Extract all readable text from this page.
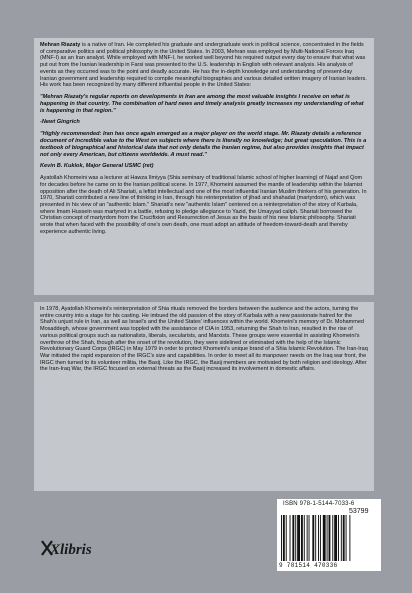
Mehran Riazaty is a native of Iran. He completed his graduate and undergraduate work in political science, concentrated in the fields of comparative politics and political philosophy in the United States. In 2003, Mehran was employed by Multi-National Forces Iraq (MNF-I) as an Iran analyst. While employed with MNF-I, he worked well beyond his required output every day to ensure that what was put out from the Iranian leadership in Farsi was presented to the U.S. leadership in English with relevant analysis. His analysis of events as they occurred was to the point and deadly accurate. He has the in-depth knowledge and understanding of present-day Iranian government and leadership required to compile meaningful biographies and various detailed written imagery of Iranian leaders. His work has been recognized by many different influential people in the United States:

"Mehran Riazaty's regular reports on developments in Iran are among the most valuable insights I receive on what is happening in that country. The combination of hard news and timely analysis greatly increases my understanding of what is happening in that region."

-Newt Gingrich

"Highly recommended: Iran has once again emerged as a major player on the world stage. Mr. Riazaty details a reference document of incredible value to the West on subjects where there is literally no knowledge; but great speculation. This is a textbook of biographical and historical data that not only details the Iranian regime, but also provides insights that impact not only every American, but citizens worldwide. A must read."

Kevin B. Kuklok, Major General USMC (ret)

Ayatollah Khomeini was a lecturer at Hawza Ilmiyya (Shia seminary of traditional Islamic school of higher learning) of Najaf and Qom for decades before he came on to the Iranian political scene. In 1977, Khomeini assumed the mantle of leadership within the Islamist opposition after the death of Ali Shariati, a leftist intellectual and one of the most influential Iranian Muslim thinkers of his generation. In 1970, Shariati contributed a new line of thinking in Iran, through his reinterpretation of jihad and shahadat (martyrdom), which was presented in his view of an "authentic Islam." Shariati's new "authentic Islam" centered on a reinterpretation of the story of Karbala, where Imam Hussein was martyred in a battle, refusing to pledge allegiance to Yazid, the Umayyad caliph. Shariati borrowed the Christian concept of martyrdom from the Crucifixion and Resurrection of Jesus as the basis of his new Islamic philosophy. Shariati wrote that when faced with the possibility of one's own death, one must adopt an attitude of freedom-toward-death and thereby experience authentic living.

In 1978, Ayatollah Khomeini's reinterpretation of Shia rituals removed the borders between the audience and the actors, turning the entire country into a stage for his casting. He imbued the old passion of the story of Karbala with a new passionate hatred for the Shah's unjust rule in Iran, as well as Israel's and the United States' influences within the world. Khomeini's memory of Dr. Mohammed Mosaddegh, whose government was toppled with the assistance of CIA in 1953, returning the Shah to Iran, resulted in the rise of various political groups such as nationalists, liberals, secularists, and Marxists. These groups were essential in assisting Khomeini's overthrow of the Shah, though after the onset of the revolution, they were sidelined or eliminated with the help of the Islamic Revolutionary Guard Corps (IRGC) in May 1979 in order to protect Khomeini's unique brand of a Shia Islamic Revolution. The Iran-Iraq War initiated the rapid expansion of the IRGC's size and capabilities. In order to meet all its manpower needs on the Iraq war front, the IRGC then turned to its volunteer militia, the Basij. Like the IRGC, the Basij members are motivated by both religion and ideology. After the Iran-Iraq War, the IRGC focused on external threats as the Basij increased its involvement in domestic affairs.

Xlibris
ISBN 978-1-5144-7033-6
53799
9 781514 470336
